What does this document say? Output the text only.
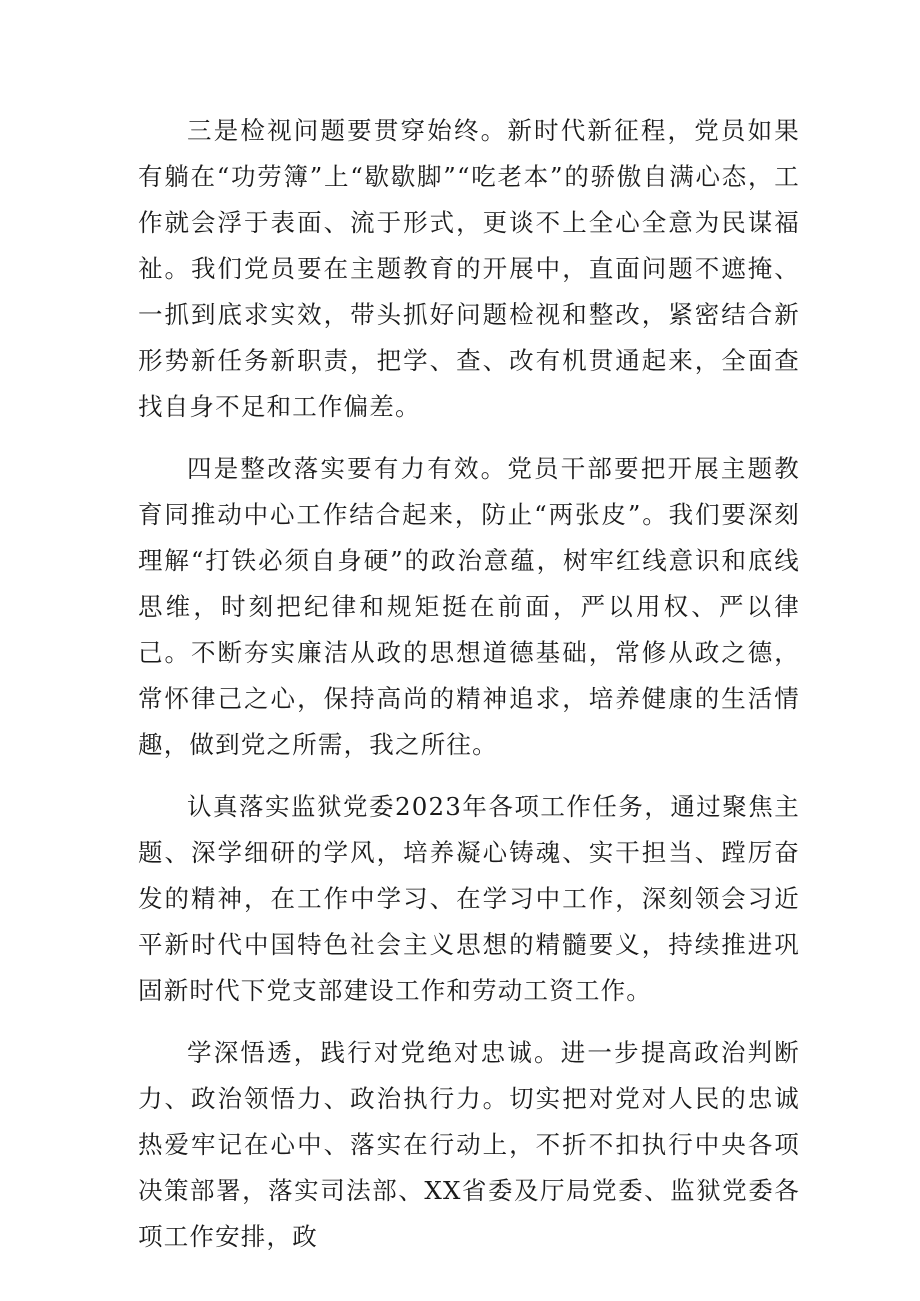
三是检视问题要贯穿始终。新时代新征程，党员如果有躺在“功劳簿”上“歇歇脚”“吃老本”的骄傲自满心态，工作就会浮于表面、流于形式，更谈不上全心全意为民谋福祉。我们党员要在主题教育的开展中，直面问题不遮掩、一抓到底求实效，带头抓好问题检视和整改，紧密结合新形势新任务新职责，把学、查、改有机贯通起来，全面查找自身不足和工作偏差。

四是整改落实要有力有效。党员干部要把开展主题教育同推动中心工作结合起来，防止“两张皮”。我们要深刻理解“打铁必须自身硬”的政治意蕴，树牢红线意识和底线思维，时刻把纪律和规矩挺在前面，严以用权、严以律己。不断夯实廉洁从政的思想道德基础，常修从政之德，常怀律己之心，保持高尚的精神追求，培养健康的生活情趣，做到党之所需，我之所往。

认真落实监狱党委2023年各项工作任务，通过聚焦主题、深学细研的学风，培养凝心铸魂、实干担当、蹚厉奋发的精神，在工作中学习、在学习中工作，深刻领会习近平新时代中国特色社会主义思想的精髓要义，持续推进巩固新时代下党支部建设工作和劳动工资工作。

学深悟透，践行对党绝对忠诚。进一步提高政治判断力、政治领悟力、政治执行力。切实把对党对人民的忠诚热爱牢记在心中、落实在行动上，不折不扣执行中央各项决策部署，落实司法部、XX省委及厅局党委、监狱党委各项工作安排，政
